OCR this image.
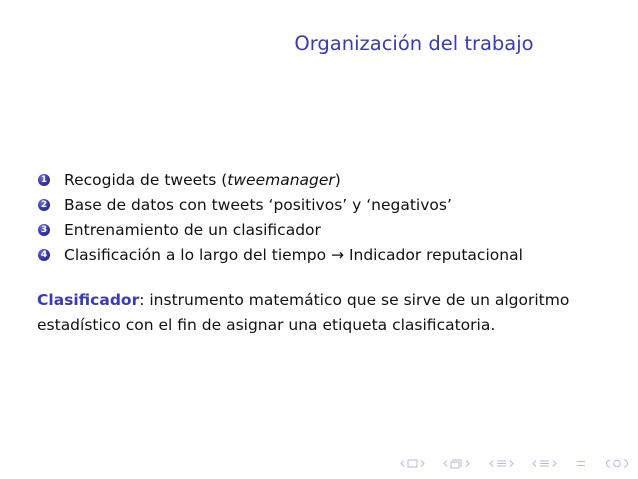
Organización del trabajo
1 Recogida de tweets (tweemanager)
2 Base de datos con tweets ‘positivos’ y ‘negativos’
3 Entrenamiento de un clasificador
4 Clasificación a lo largo del tiempo → Indicador reputacional

Clasificador: instrumento matemático que se sirve de un algoritmo estadístico con el fin de asignar una etiqueta clasificatoria.
